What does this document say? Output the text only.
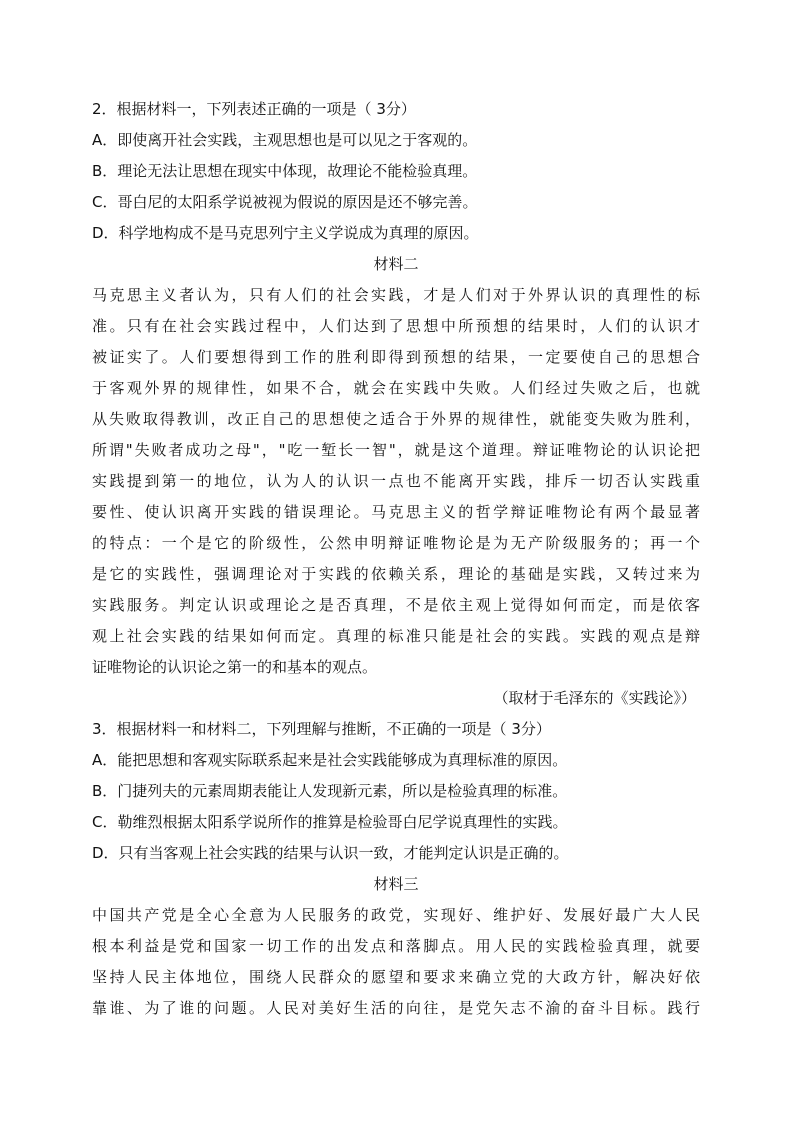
2．根据材料一，下列表述正确的一项是（ 3分）
A．即使离开社会实践，主观思想也是可以见之于客观的。
B．理论无法让思想在现实中体现，故理论不能检验真理。
C．哥白尼的太阳系学说被视为假说的原因是还不够完善。
D．科学地构成不是马克思列宁主义学说成为真理的原因。
材料二
马克思主义者认为，只有人们的社会实践，才是人们对于外界认识的真理性的标
准。只有在社会实践过程中，人们达到了思想中所预想的结果时，人们的认识才
被证实了。人们要想得到工作的胜利即得到预想的结果，一定要使自己的思想合
于客观外界的规律性，如果不合，就会在实践中失败。人们经过失败之后，也就
从失败取得教训，改正自己的思想使之适合于外界的规律性，就能变失败为胜利，
所谓"失败者成功之母"，"吃一堑长一智"，就是这个道理。辩证唯物论的认识论把
实践提到第一的地位，认为人的认识一点也不能离开实践，排斥一切否认实践重
要性、使认识离开实践的错误理论。马克思主义的哲学辩证唯物论有两个最显著
的特点：一个是它的阶级性，公然申明辩证唯物论是为无产阶级服务的；再一个
是它的实践性，强调理论对于实践的依赖关系，理论的基础是实践，又转过来为
实践服务。判定认识或理论之是否真理，不是依主观上觉得如何而定，而是依客
观上社会实践的结果如何而定。真理的标准只能是社会的实践。实践的观点是辩
证唯物论的认识论之第一的和基本的观点。
（取材于毛泽东的《实践论》）
3．根据材料一和材料二，下列理解与推断，不正确的一项是（ 3分）
A．能把思想和客观实际联系起来是社会实践能够成为真理标准的原因。
B．门捷列夫的元素周期表能让人发现新元素，所以是检验真理的标准。
C．勒维烈根据太阳系学说所作的推算是检验哥白尼学说真理性的实践。
D．只有当客观上社会实践的结果与认识一致，才能判定认识是正确的。
材料三
中国共产党是全心全意为人民服务的政党，实现好、维护好、发展好最广大人民
根本利益是党和国家一切工作的出发点和落脚点。用人民的实践检验真理，就要
坚持人民主体地位，围绕人民群众的愿望和要求来确立党的大政方针，解决好依
靠谁、为了谁的问题。人民对美好生活的向往，是党矢志不渝的奋斗目标。践行
